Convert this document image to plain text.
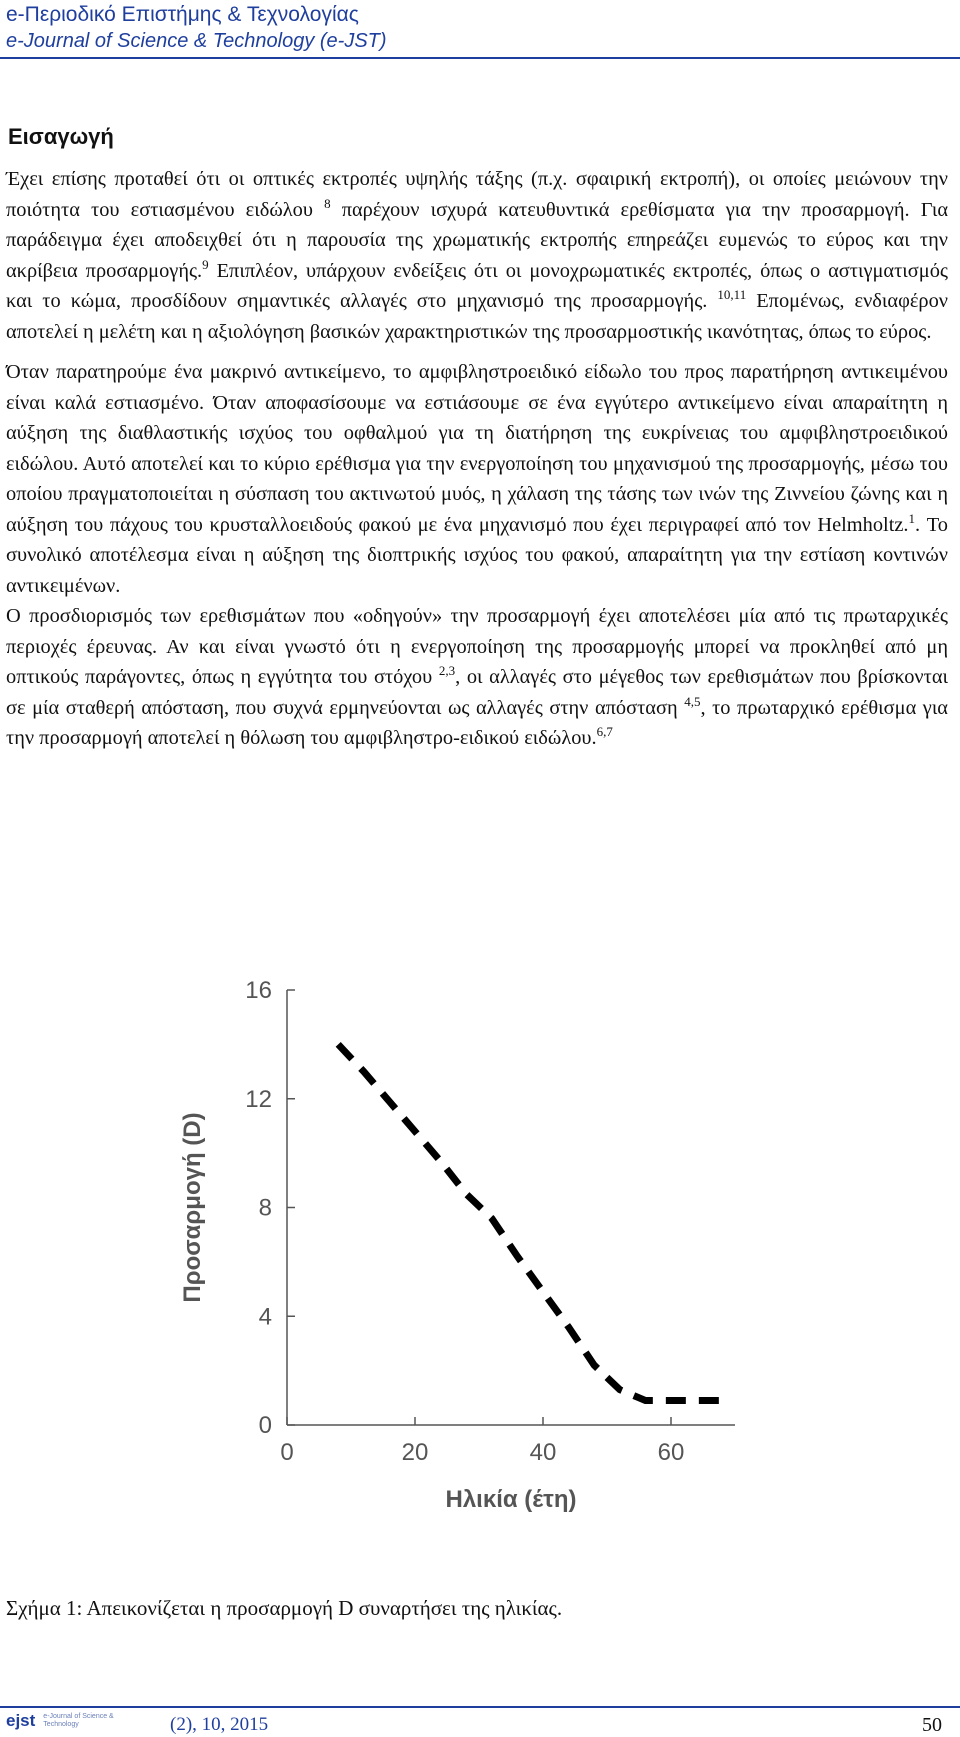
e-Περιοδικό Επιστήμης & Τεχνολογίας
e-Journal of Science & Technology (e-JST)
Εισαγωγή

Έχει επίσης προταθεί ότι οι οπτικές εκτροπές υψηλής τάξης (π.χ. σφαιρική εκτροπή), οι οποίες μειώνουν την ποιότητα του εστιασμένου ειδώλου $^8$ παρέχουν ισχυρά κατευθυντικά ερεθίσματα για την προσαρμογή. Για παράδειγμα έχει αποδειχθεί ότι η παρουσία της χρωματικής εκτροπής επηρεάζει ευμενώς το εύρος και την ακρίβεια προσαρμογής.$^9$ Επιπλέον, υπάρχουν ενδείξεις ότι οι μονοχρωματικές εκτροπές, όπως ο αστιγματισμός και το κώμα, προσδίδουν σημαντικές αλλαγές στο μηχανισμό της προσαρμογής. $^{10,11}$ Επομένως, ενδιαφέρον αποτελεί η μελέτη και η αξιολόγηση βασικών χαρακτηριστικών της προσαρμοστικής ικανότητας, όπως το εύρος.

Όταν παρατηρούμε ένα μακρινό αντικείμενο, το αμφιβληστροειδικό είδωλο του προς παρατήρηση αντικειμένου είναι καλά εστιασμένο. Όταν αποφασίσουμε να εστιάσουμε σε ένα εγγύτερο αντικείμενο είναι απαραίτητη η αύξηση της διαθλαστικής ισχύος του οφθαλμού για τη διατήρηση της ευκρίνειας του αμφιβληστροειδικού ειδώλου. Αυτό αποτελεί και το κύριο ερέθισμα για την ενεργοποίηση του μηχανισμού της προσαρμογής, μέσω του οποίου πραγματοποιείται η σύσπαση του ακτινωτού μυός, η χάλαση της τάσης των ινών της Ζιννείου ζώνης και η αύξηση του πάχους του κρυσταλλοειδούς φακού με ένα μηχανισμό που έχει περιγραφεί από τον Helmholtz.$^1$. Το συνολικό αποτέλεσμα είναι η αύξηση της διοπτρικής ισχύος του φακού, απαραίτητη για την εστίαση κοντινών αντικειμένων.

Ο προσδιορισμός των ερεθισμάτων που «οδηγούν» την προσαρμογή έχει αποτελέσει μία από τις πρωταρχικές περιοχές έρευνας. Αν και είναι γνωστό ότι η ενεργοποίηση της προσαρμογής μπορεί να προκληθεί από μη οπτικούς παράγοντες, όπως η εγγύτητα του στόχου $^{2,3}$, οι αλλαγές στο μέγεθος των ερεθισμάτων που βρίσκονται σε μία σταθερή απόσταση, που συχνά ερμηνεύονται ως αλλαγές στην απόσταση $^{4,5}$, το πρωταρχικό ερέθισμα για την προσαρμογή αποτελεί η θόλωση του αμφιβληστρο-ειδικού ειδώλου.$^{6,7}$

0	20	40	60
0
4
8
12
16
Ηλικία (έτη)
Προσαρμογή (D)
Σχήμα 1: Απεικονίζεται η προσαρμογή D συναρτήσει της ηλικίας.
ejst e-Journal of Science & Technology	(2), 10, 2015	50
